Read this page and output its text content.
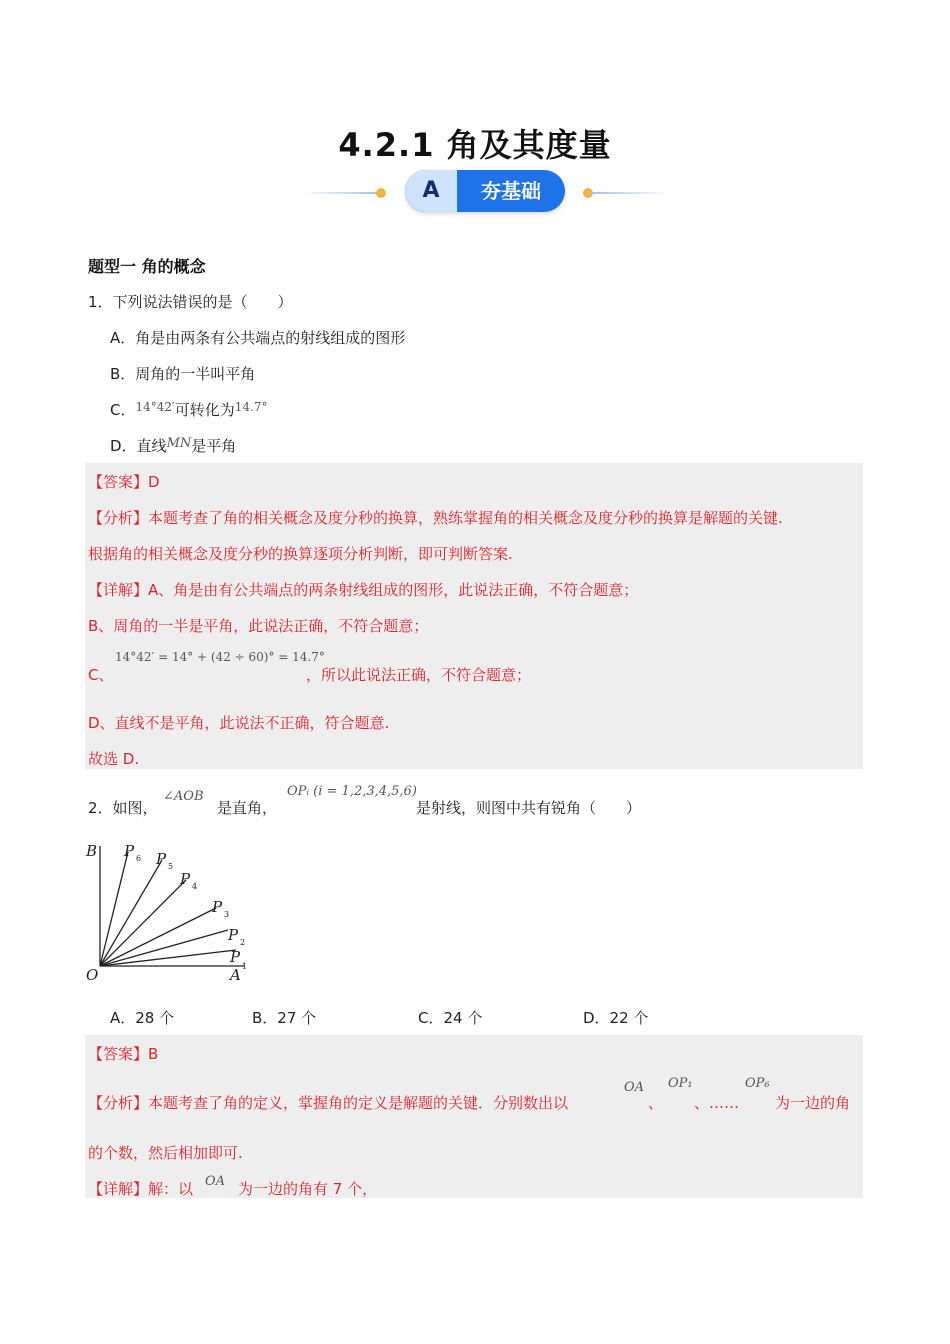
4.2.1 角及其度量
A	夯基础
题型一 角的概念
1．下列说法错误的是（　　）
A．角是由两条有公共端点的射线组成的图形
B．周角的一半叫平角
C．$^{14^\circ 42'}$可转化为$^{14.7^\circ}$
D．直线MN是平角
【答案】D
【分析】本题考查了角的相关概念及度分秒的换算，熟练掌握角的相关概念及度分秒的换算是解题的关键.
根据角的相关概念及度分秒的换算逐项分析判断，即可判断答案.
【详解】A、角是由有公共端点的两条射线组成的图形，此说法正确，不符合题意；
B、周角的一半是平角，此说法正确，不符合题意；
C、
14°42′ = 14° + (42 ÷ 60)° = 14.7°
，所以此说法正确，不符合题意；
D、直线不是平角，此说法不正确，符合题意.
故选 D.
2．如图，
∠AOB
是直角，
OPᵢ (i = 1,2,3,4,5,6)
是射线，则图中共有锐角（　　）
B
O	A
P P
P
P
P
P
6
5
4
3
2
1
A．28 个	B．27 个	C．24 个	D．22 个
【答案】B
【分析】本题考查了角的定义，掌握角的定义是解题的关键．分别数出以
OA
、
OP₁
、……
OP₆
为一边的角
的个数，然后相加即可.
【详解】解：以 OA 为一边的角有 7 个，
